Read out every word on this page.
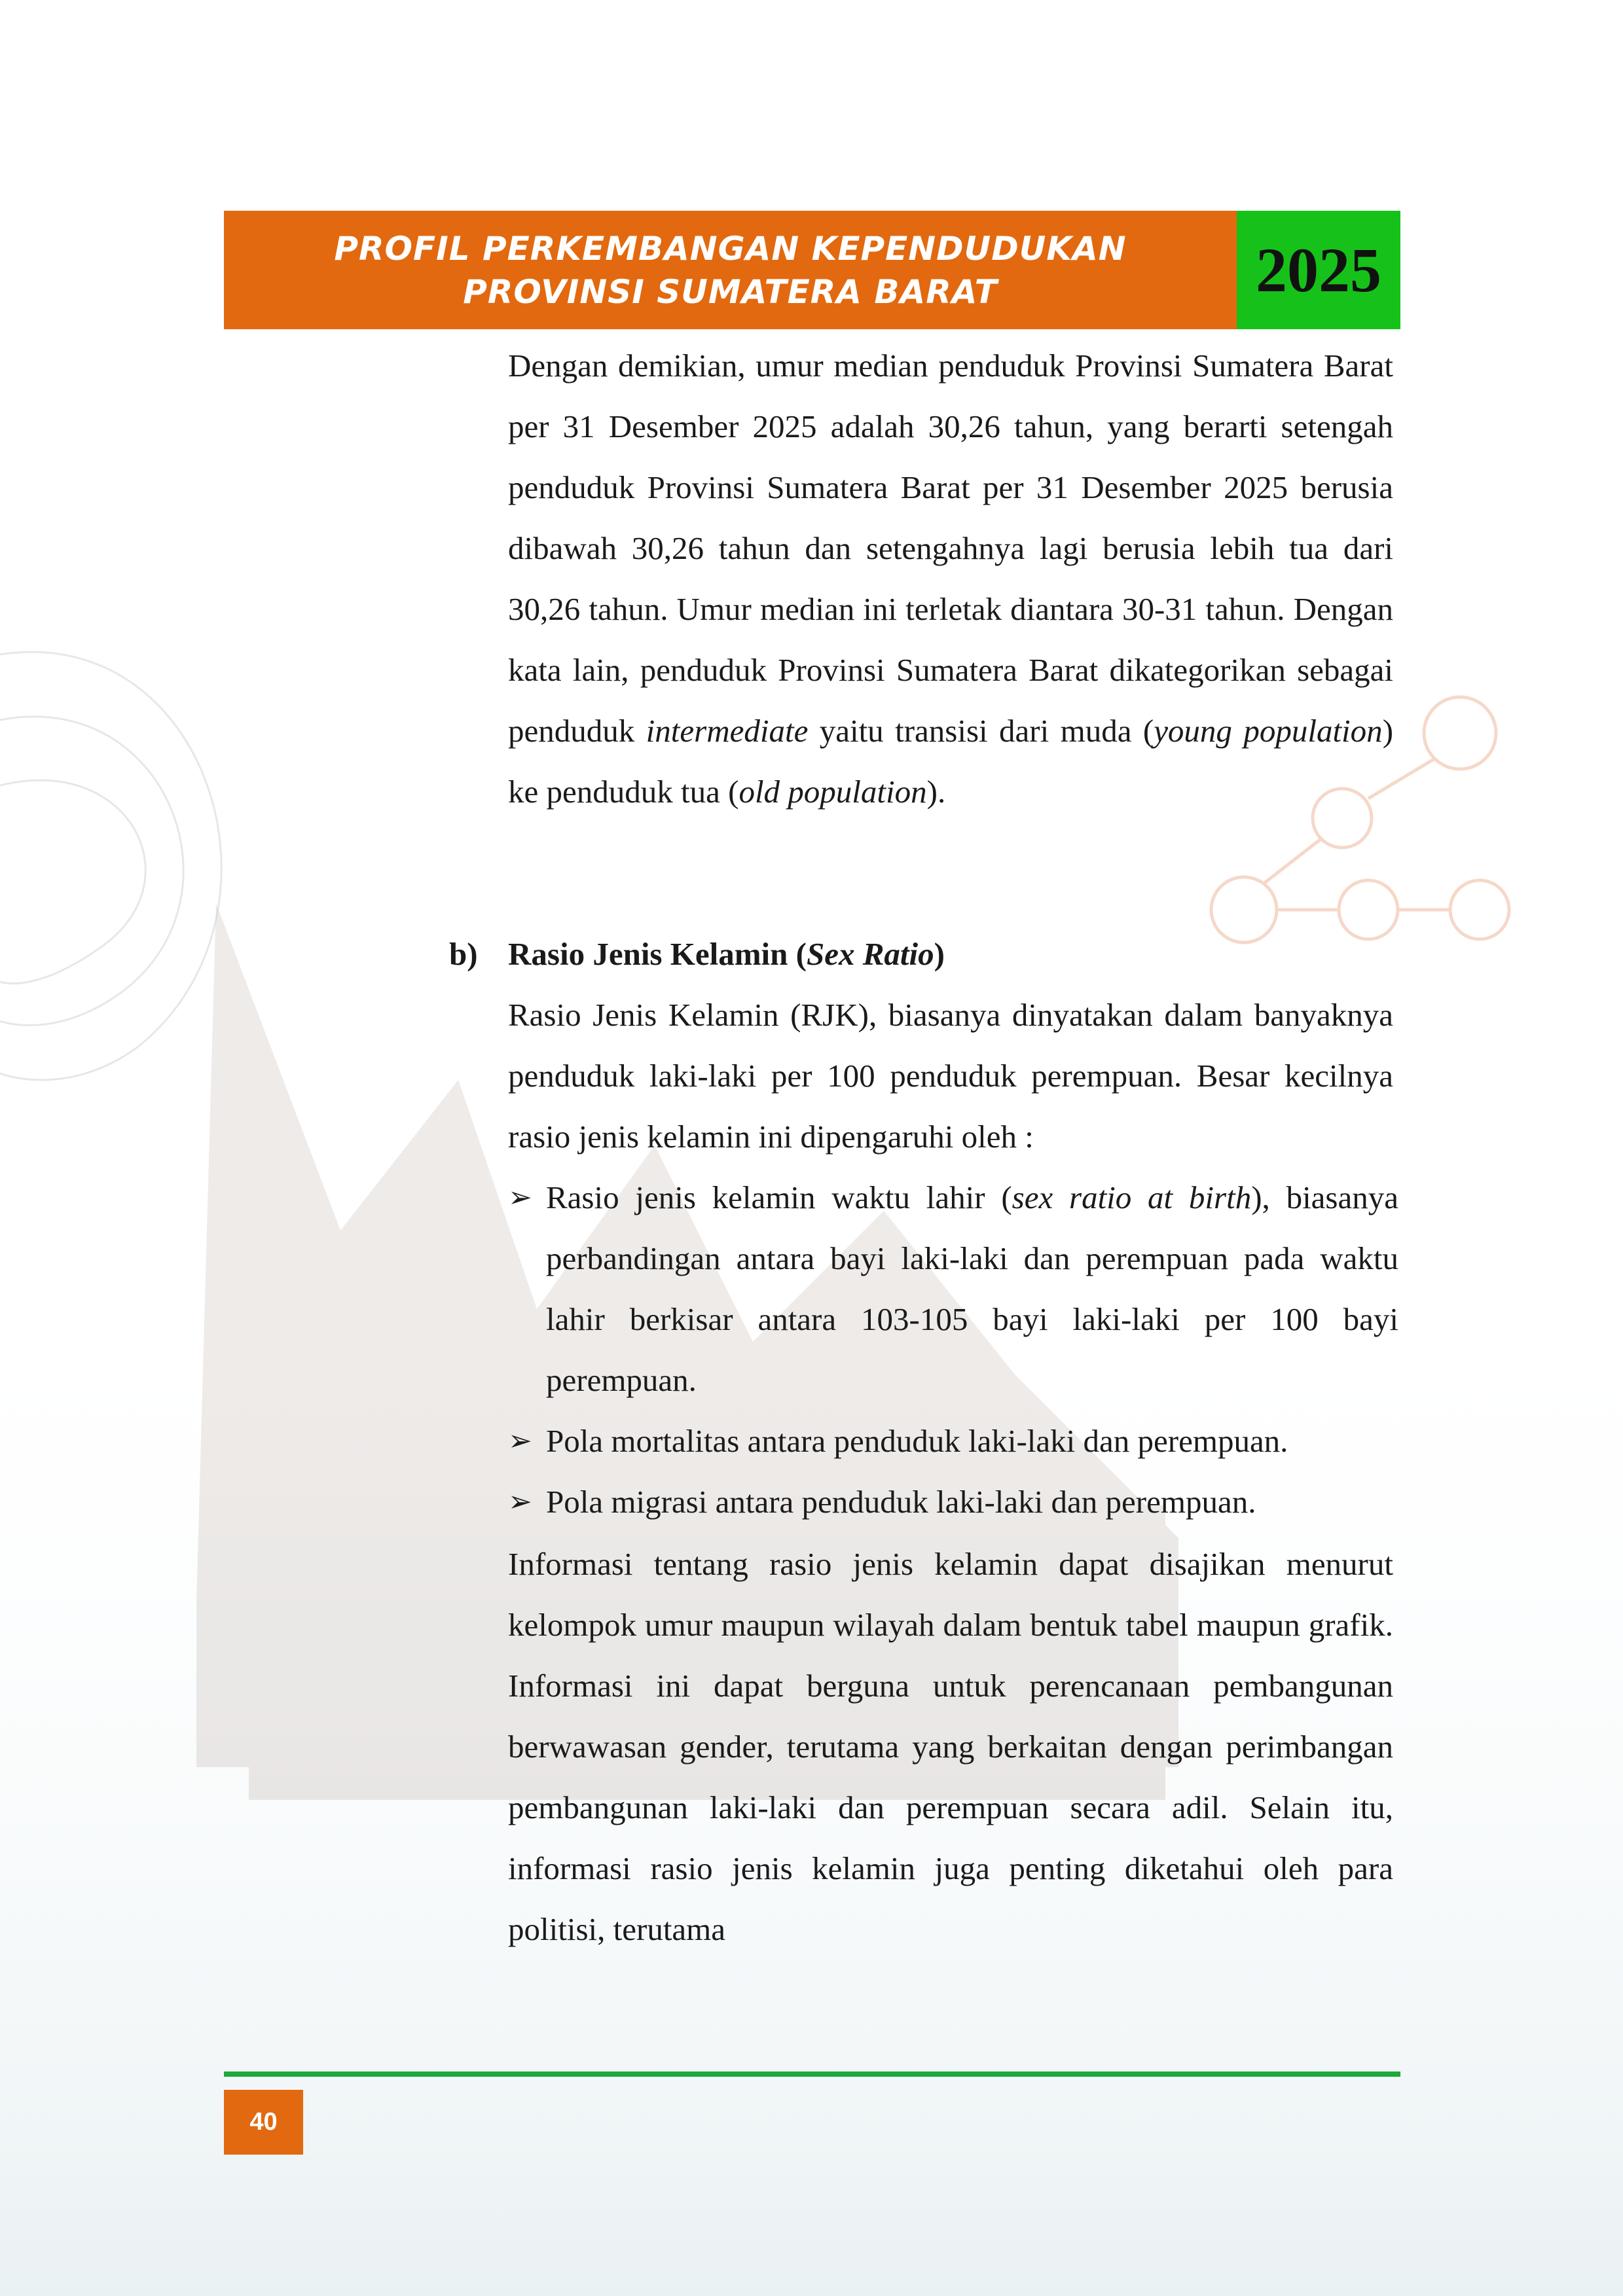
PROFIL PERKEMBANGAN KEPENDUDUKAN
PROVINSI SUMATERA BARAT	2025

Dengan demikian, umur median penduduk Provinsi Sumatera Barat per 31 Desember 2025 adalah 30,26 tahun, yang berarti setengah penduduk Provinsi Sumatera Barat per 31 Desember 2025 berusia dibawah 30,26 tahun dan setengahnya lagi berusia lebih tua dari 30,26 tahun. Umur median ini terletak diantara 30-31 tahun. Dengan kata lain, penduduk Provinsi Sumatera Barat dikategorikan sebagai penduduk intermediate yaitu transisi dari muda (young population) ke penduduk tua (old population).

b) Rasio Jenis Kelamin (Sex Ratio)

Rasio Jenis Kelamin (RJK), biasanya dinyatakan dalam banyaknya penduduk laki-laki per 100 penduduk perempuan. Besar kecilnya rasio jenis kelamin ini dipengaruhi oleh :

➢ Rasio jenis kelamin waktu lahir (sex ratio at birth), biasanya perbandingan antara bayi laki-laki dan perempuan pada waktu lahir berkisar antara 103-105 bayi laki-laki per 100 bayi perempuan.
➢ Pola mortalitas antara penduduk laki-laki dan perempuan.
➢ Pola migrasi antara penduduk laki-laki dan perempuan.

Informasi tentang rasio jenis kelamin dapat disajikan menurut kelompok umur maupun wilayah dalam bentuk tabel maupun grafik. Informasi ini dapat berguna untuk perencanaan pembangunan berwawasan gender, terutama yang berkaitan dengan perimbangan pembangunan laki-laki dan perempuan secara adil. Selain itu, informasi rasio jenis kelamin juga penting diketahui oleh para politisi, terutama

40
